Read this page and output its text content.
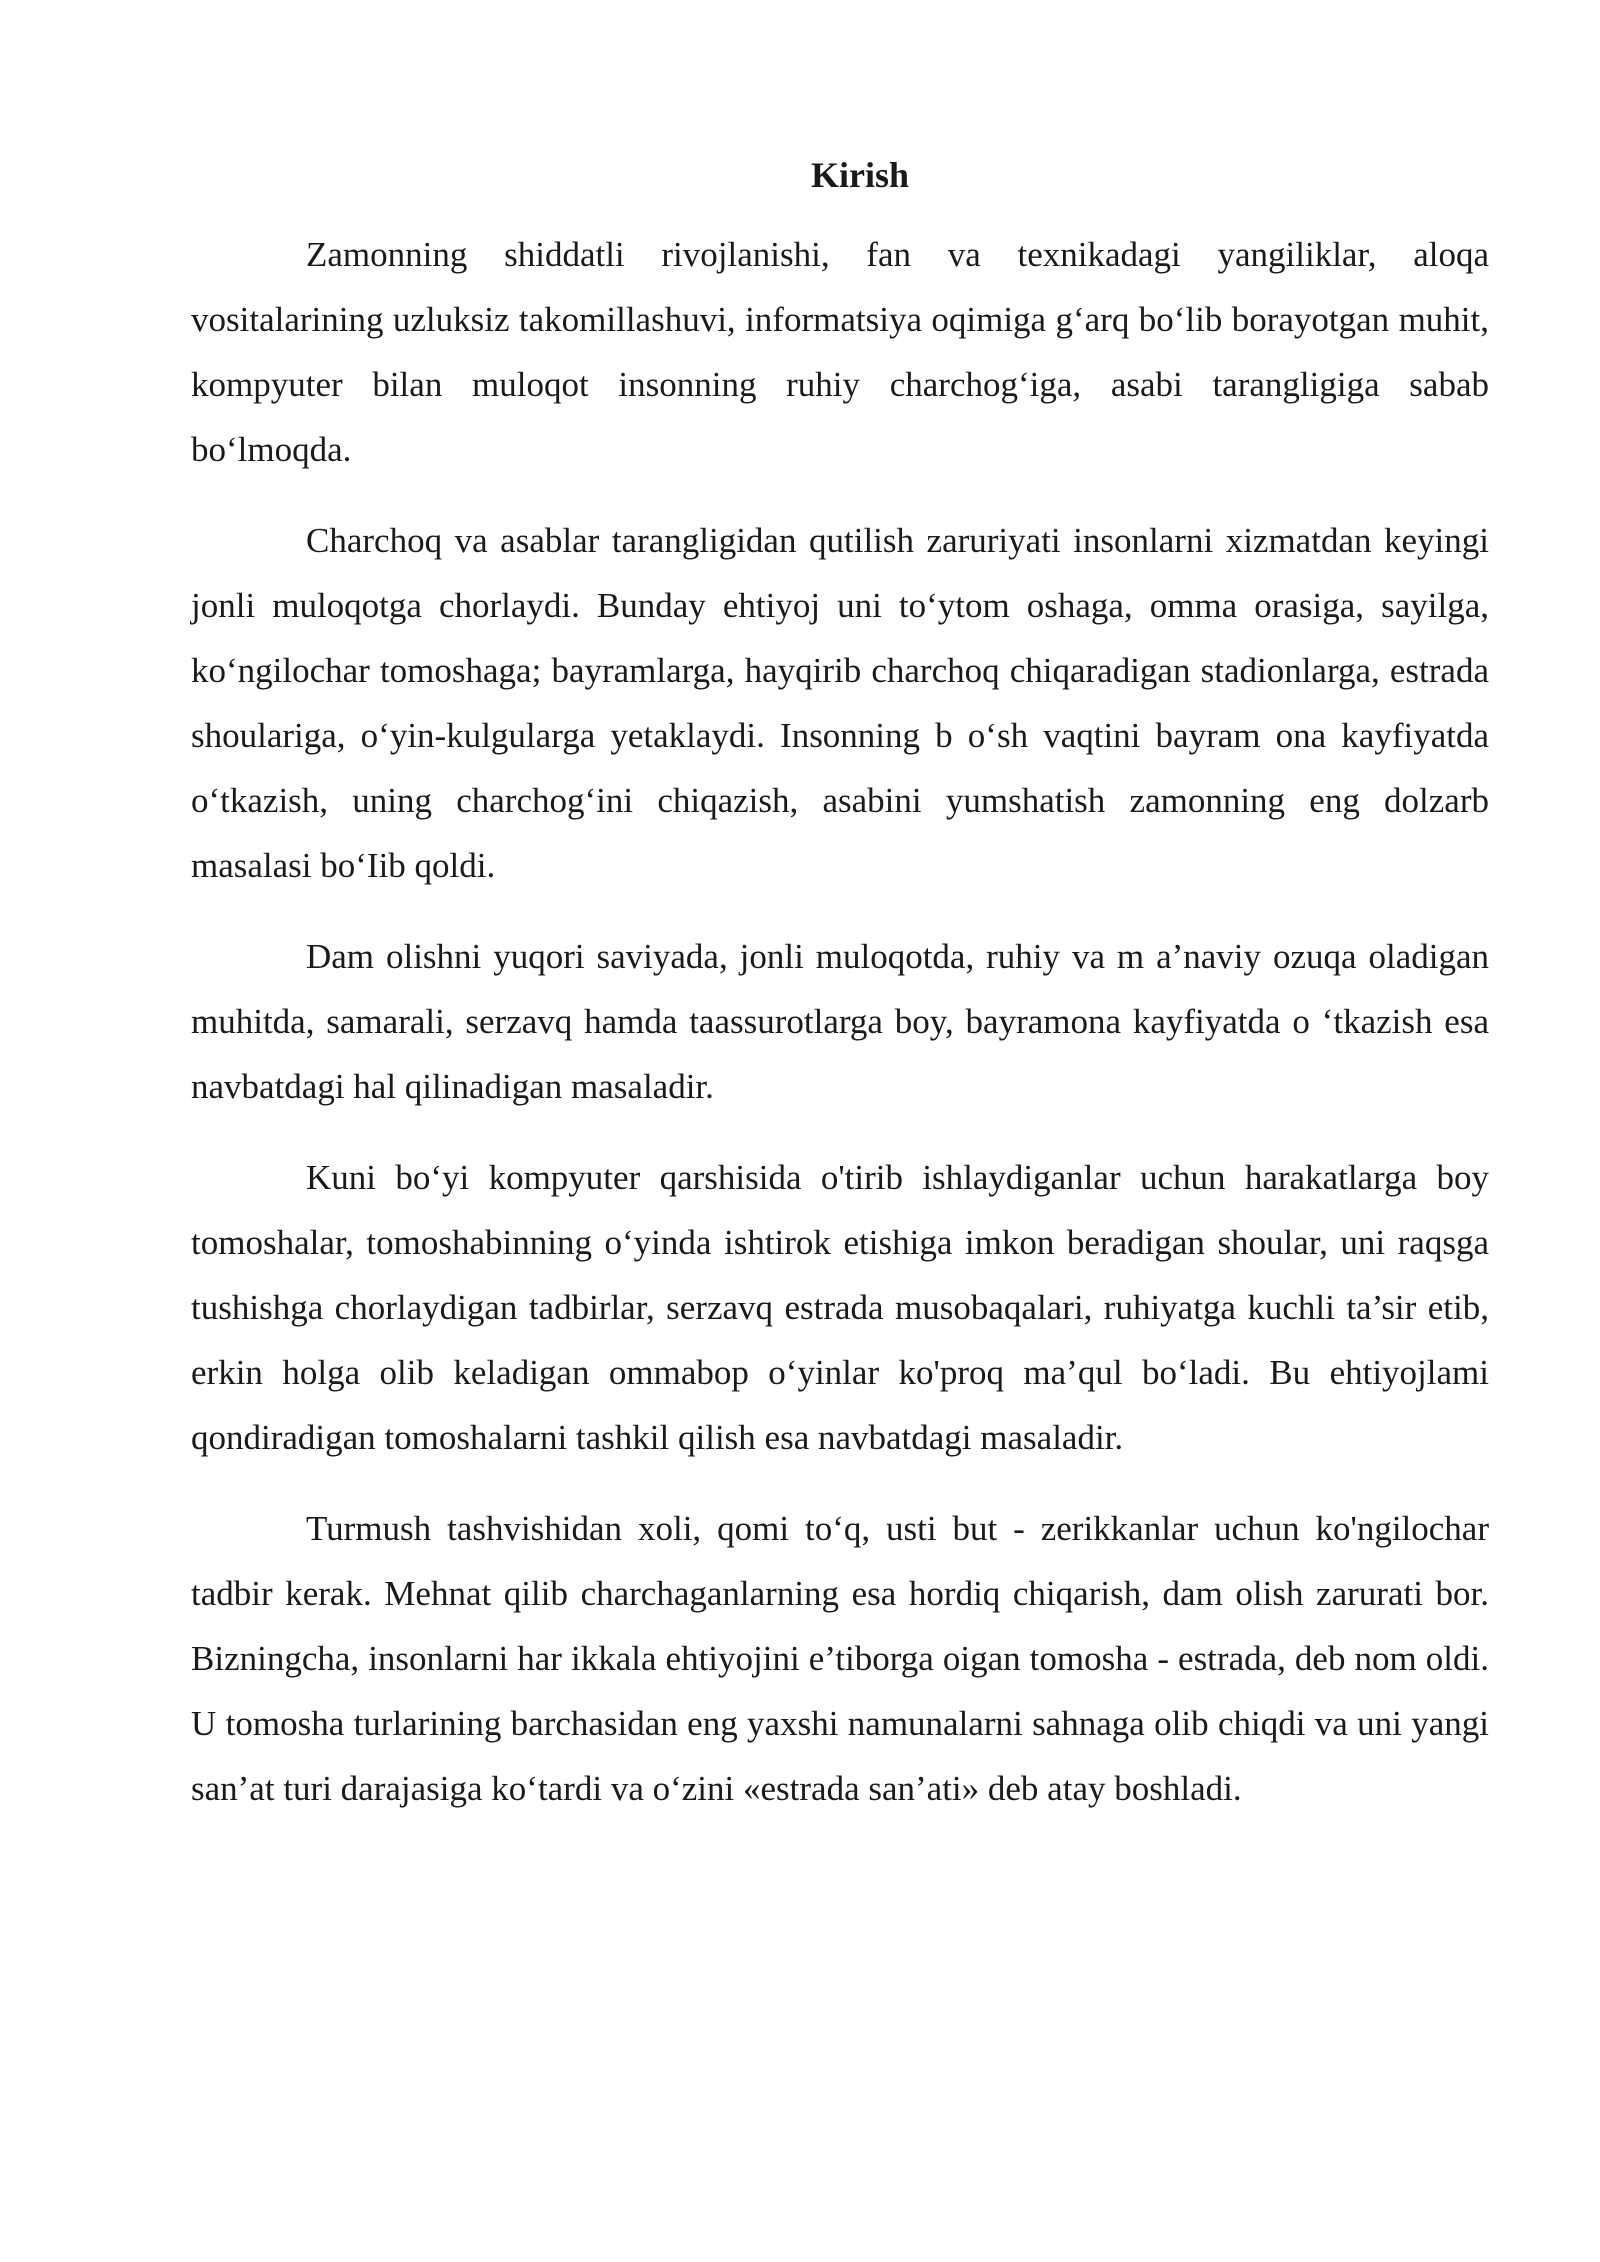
Kirish

Zamonning shiddatli rivojlanishi, fan va texnikadagi yangiliklar, aloqa vositalarining uzluksiz takomillashuvi, informatsiya oqimiga g‘arq bo‘lib borayotgan muhit, kompyuter bilan muloqot insonning ruhiy charchog‘iga, asabi tarangligiga sabab bo‘lmoqda.

Charchoq va asablar tarangligidan qutilish zaruriyati insonlarni xizmatdan keyingi jonli muloqotga chorlaydi. Bunday ehtiyoj uni to‘ytom oshaga, omma orasiga, sayilga, ko‘ngilochar tomoshaga; bayramlarga, hayqirib charchoq chiqaradigan stadionlarga, estrada shoulariga, o‘yin-kulgularga yetaklaydi. Insonning b o‘sh vaqtini bayram ona kayfiyatda o‘tkazish, uning charchog‘ini chiqazish, asabini yumshatish zamonning eng dolzarb masalasi bo‘Iib qoldi.

Dam olishni yuqori saviyada, jonli muloqotda, ruhiy va m a’naviy ozuqa oladigan muhitda, samarali, serzavq hamda taassurotlarga boy, bayramona kayfiyatda o ‘tkazish esa navbatdagi hal qilinadigan masaladir.

Kuni bo‘yi kompyuter qarshisida o'tirib ishlaydiganlar uchun harakatlarga boy tomoshalar, tomoshabinning o‘yinda ishtirok etishiga imkon beradigan shoular, uni raqsga tushishga chorlaydigan tadbirlar, serzavq estrada musobaqalari, ruhiyatga kuchli ta’sir etib, erkin holga olib keladigan ommabop o‘yinlar ko'proq ma’qul bo‘ladi. Bu ehtiyojlami qondiradigan tomoshalarni tashkil qilish esa navbatdagi masaladir.

Turmush tashvishidan xoli, qomi to‘q, usti but - zerikkanlar uchun ko'ngilochar tadbir kerak. Mehnat qilib charchaganlarning esa hordiq chiqarish, dam olish zarurati bor. Bizningcha, insonlarni har ikkala ehtiyojini e’tiborga oigan tomosha - estrada, deb nom oldi. U tomosha turlarining barchasidan eng yaxshi namunalarni sahnaga olib chiqdi va uni yangi san’at turi darajasiga ko‘tardi va o‘zini «estrada san’ati» deb atay boshladi.
